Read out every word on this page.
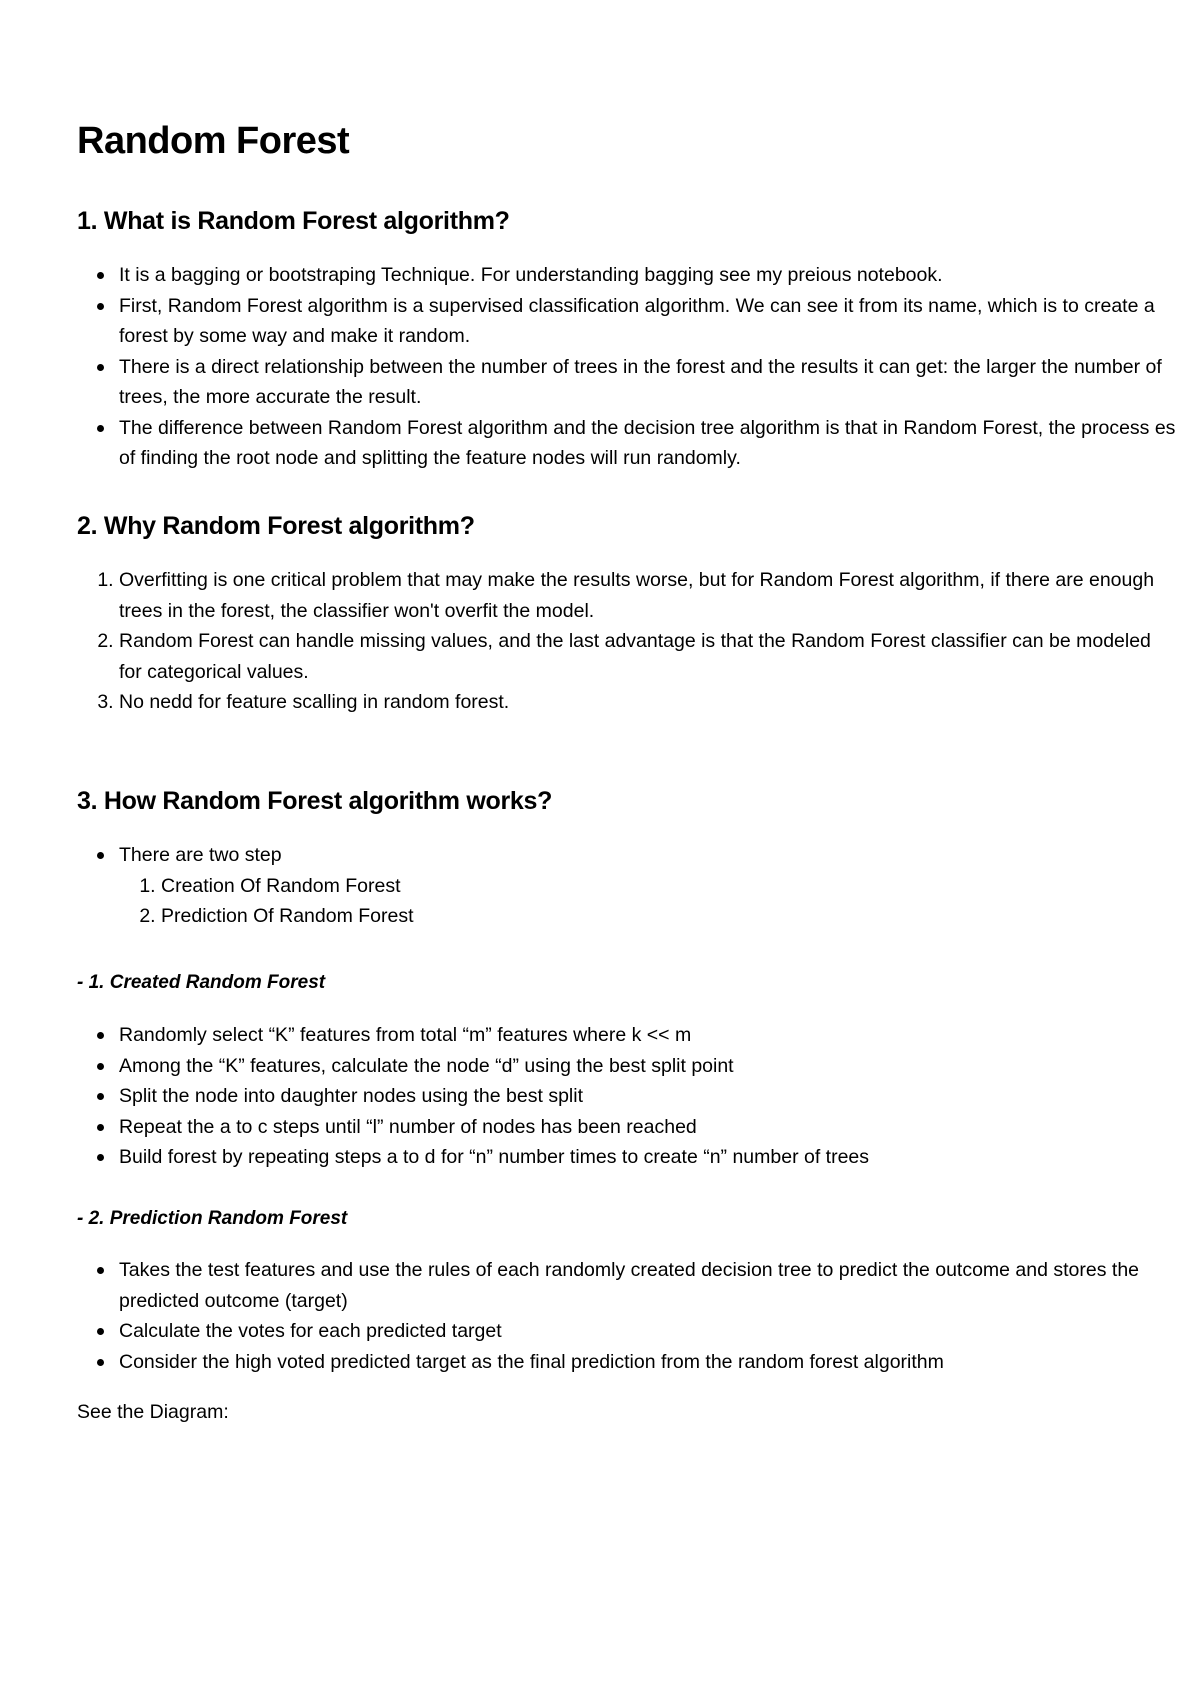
Random Forest
1. What is Random Forest algorithm?
It is a bagging or bootstraping Technique. For understanding bagging see my preious notebook.
First, Random Forest algorithm is a supervised classification algorithm. We can see it from its name, which is to create a forest by some way and make it random.
There is a direct relationship between the number of trees in the forest and the results it can get: the larger the number of trees, the more accurate the result.
The difference between Random Forest algorithm and the decision tree algorithm is that in Random Forest, the process es of finding the root node and splitting the feature nodes will run randomly.
2. Why Random Forest algorithm?
1. Overfitting is one critical problem that may make the results worse, but for Random Forest algorithm, if there are enough trees in the forest, the classifier won't overfit the model.
2. Random Forest can handle missing values, and the last advantage is that the Random Forest classifier can be modeled for categorical values.
3. No nedd for feature scalling in random forest.
3. How Random Forest algorithm works?
There are two step
1. Creation Of Random Forest
2. Prediction Of Random Forest
- 1. Created Random Forest
Randomly select “K” features from total “m” features where k << m
Among the “K” features, calculate the node “d” using the best split point
Split the node into daughter nodes using the best split
Repeat the a to c steps until “l” number of nodes has been reached
Build forest by repeating steps a to d for “n” number times to create “n” number of trees
- 2. Prediction Random Forest
Takes the test features and use the rules of each randomly created decision tree to predict the outcome and stores the predicted outcome (target)
Calculate the votes for each predicted target
Consider the high voted predicted target as the final prediction from the random forest algorithm

See the Diagram:
